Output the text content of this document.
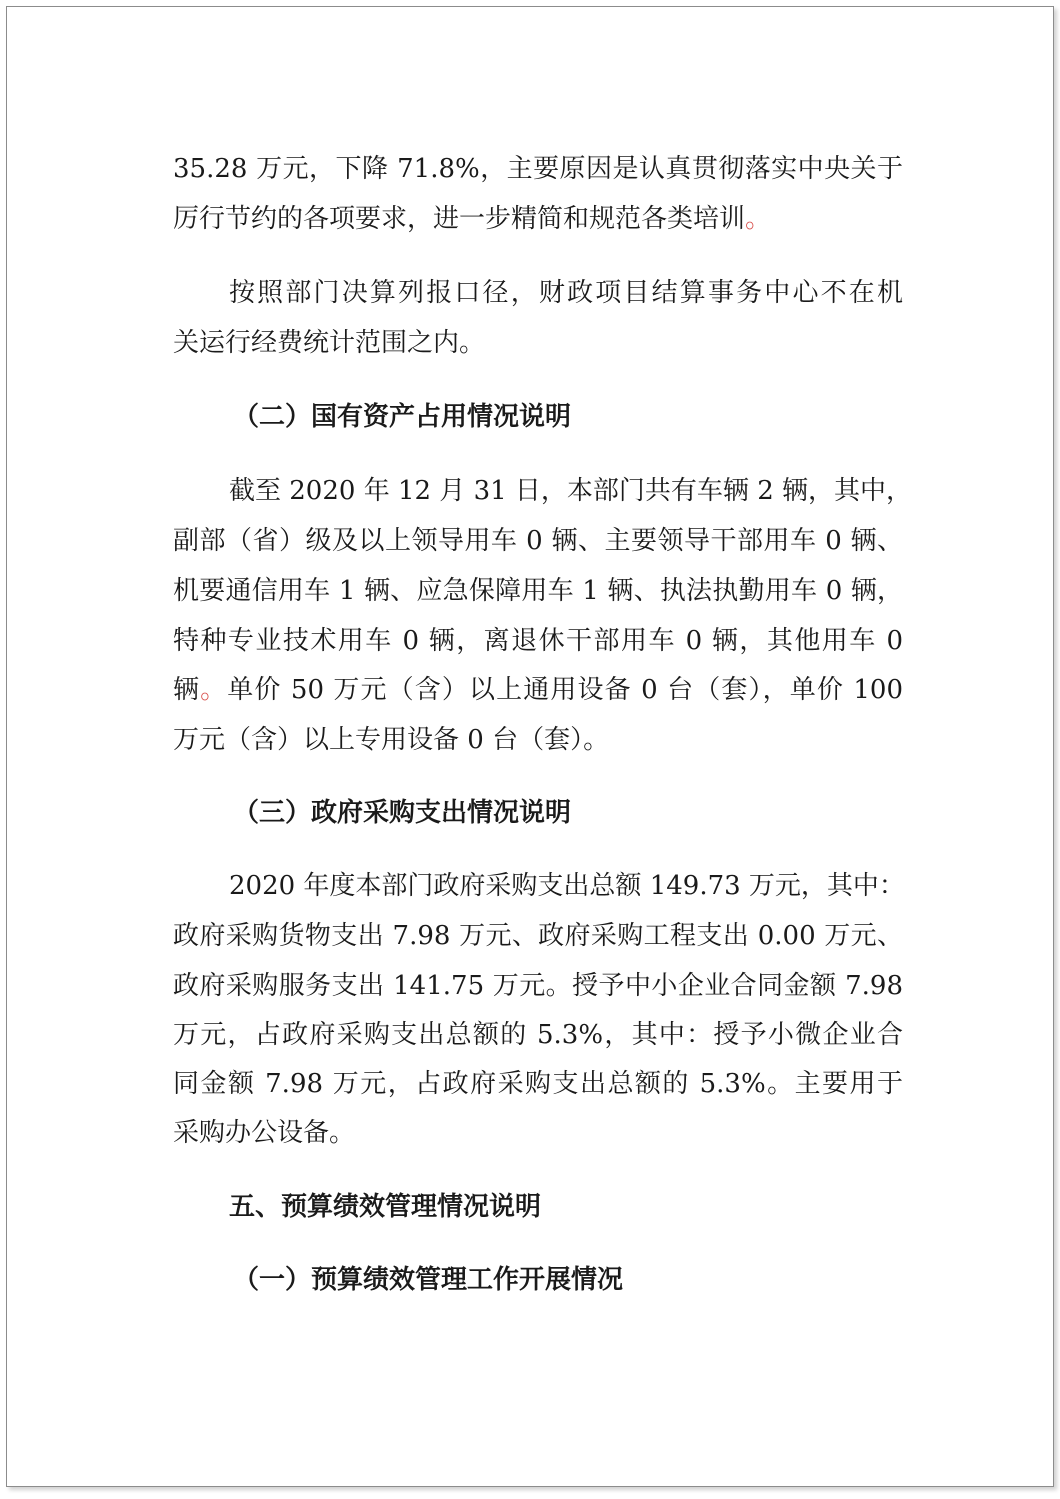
35.28 万元，下降 71.8%，主要原因是认真贯彻落实中央关于
厉行节约的各项要求，进一步精简和规范各类培训。
按照部门决算列报口径，财政项目结算事务中心不在机
关运行经费统计范围之内。
（二）国有资产占用情况说明
截至 2020 年 12 月 31 日，本部门共有车辆 2 辆，其中，
副部（省）级及以上领导用车 0 辆、主要领导干部用车 0 辆、
机要通信用车 1 辆、应急保障用车 1 辆、执法执勤用车 0 辆，
特种专业技术用车 0 辆，离退休干部用车 0 辆，其他用车 0
辆。单价 50 万元（含）以上通用设备 0 台（套），单价 100
万元（含）以上专用设备 0 台（套）。
（三）政府采购支出情况说明
2020 年度本部门政府采购支出总额 149.73 万元，其中：
政府采购货物支出 7.98 万元、政府采购工程支出 0.00 万元、
政府采购服务支出 141.75 万元。授予中小企业合同金额 7.98
万元，占政府采购支出总额的 5.3%，其中：授予小微企业合
同金额 7.98 万元，占政府采购支出总额的 5.3%。主要用于
采购办公设备。
五、预算绩效管理情况说明
（一）预算绩效管理工作开展情况
